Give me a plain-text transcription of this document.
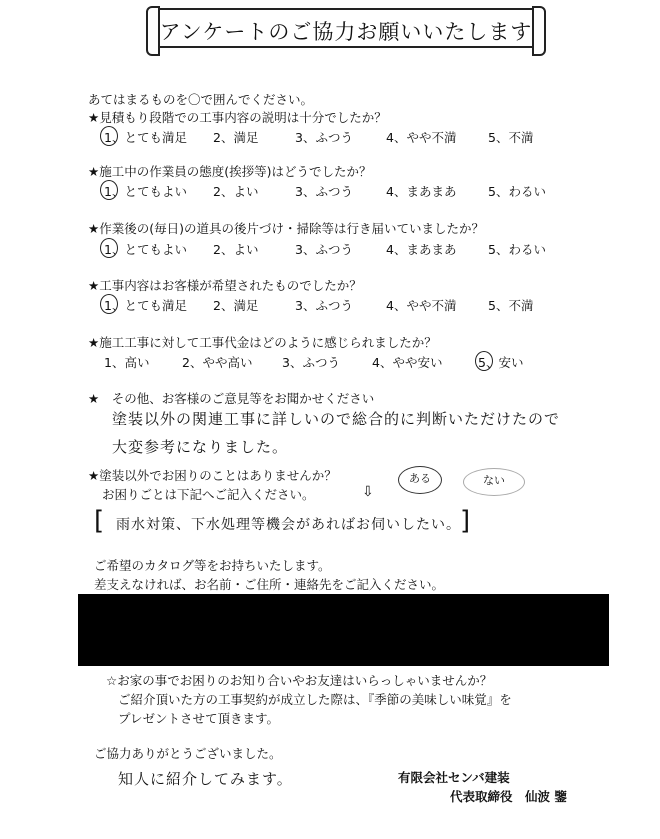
アンケートのご協力お願いいたします
あてはまるものを〇で囲んでください。
★見積もり段階での工事内容の説明は十分でしたか？
1、とても満足 2、満足	3、ふつう	4、やや不満	5、不満
★施工中の作業員の態度(挨拶等)はどうでしたか？
1、とてもよい 2、よい	3、ふつう	4、まあまあ	5、わるい
★作業後の(毎日)の道具の後片づけ・掃除等は行き届いていましたか？
1、とてもよい 2、よい	3、ふつう	4、まあまあ	5、わるい
★工事内容はお客様が希望されたものでしたか？
1、とても満足 2、満足	3、ふつう	4、やや不満	5、不満
★施工工事に対して工事代金はどのように感じられましたか？
1、高い	2、やや高い 3、ふつう	4、やや安い	5、安い
★　その他、お客様のご意見等をお聞かせください
塗装以外の関連工事に詳しいので総合的に判断いただけたので
大変参考になりました。
★塗装以外でお困りのことはありませんか？
お困りごとは下記へご記入ください。	⇩
ある	ない
[ 雨水対策、下水処理等機会があればお伺いしたい。 ]
ご希望のカタログ等をお持ちいたします。
差支えなければ、お名前・ご住所・連絡先をご記入ください。
☆お家の事でお困りのお知り合いやお友達はいらっしゃいませんか？
ご紹介頂いた方の工事契約が成立した際は、『季節の美味しい味覚』を
プレゼントさせて頂きます。
ご協力ありがとうございました。
知人に紹介してみます。	有限会社センバ建装
代表取締役　仙波 鑒
